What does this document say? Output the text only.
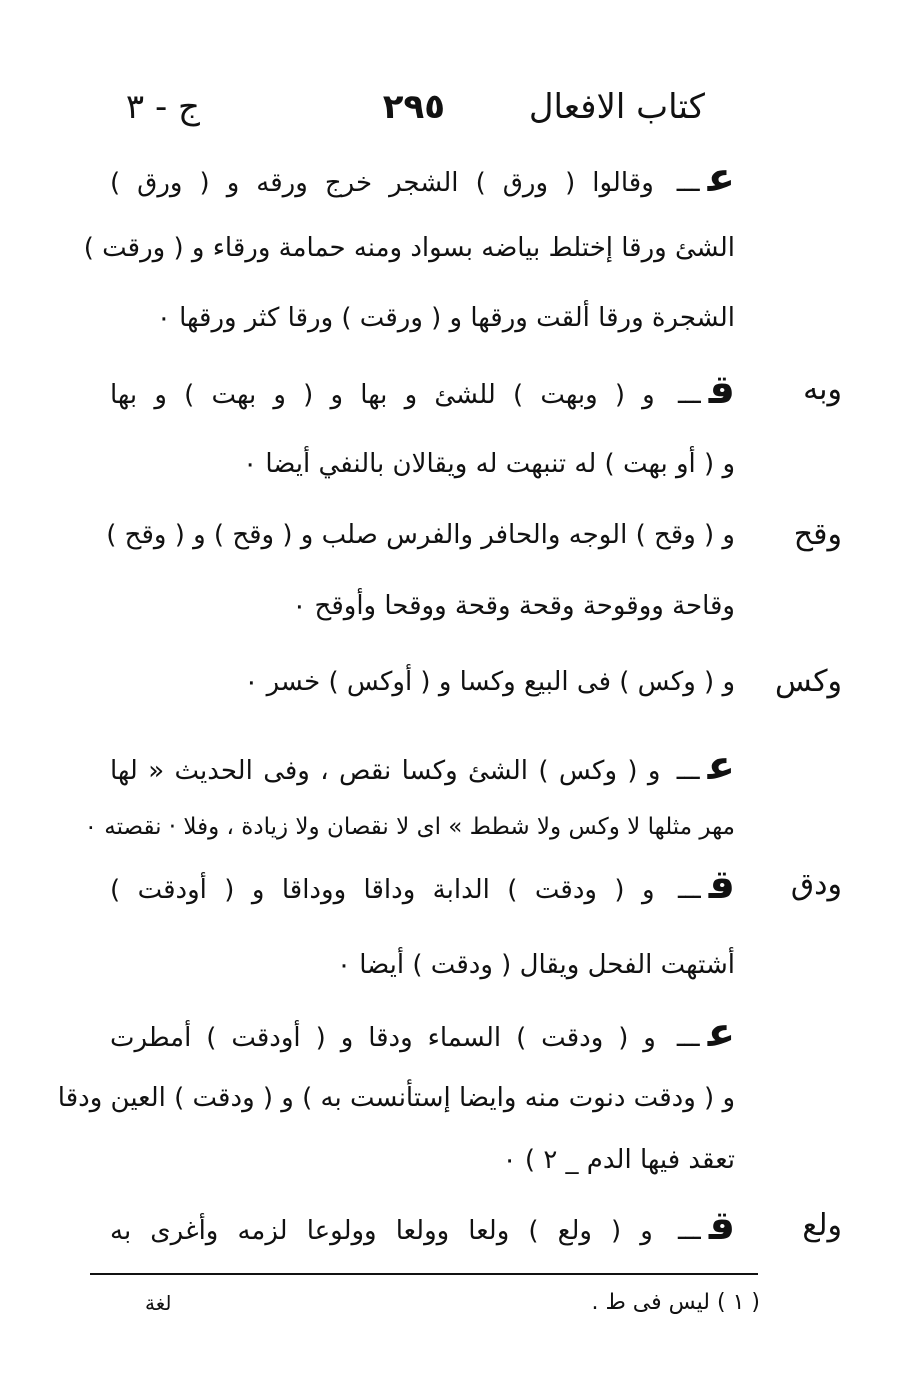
كتاب الافعال
٢٩٥
ج - ٣
وبه
وقح
وكس
ودق
ولع
عـــ وقالوا ( ورق ) الشجر خرج ورقه و ( ورق )
الشئ ورقا إختلط بياضه بسواد ومنه حمامة ورقاء و ( ورقت )
الشجرة ورقا ألقت ورقها و ( ورقت ) ورقا كثر ورقها ٠
قـــ و ( وبهت ) للشئ و بها و ( و بهت ) و بها
و ( أو بهت ) له تنبهت له ويقالان بالنفي أيضا ٠
و ( وقح ) الوجه والحافر والفرس صلب و ( وقح ) و ( وقح )
وقاحة ووقوحة وقحة وقحة ووقحا وأوقح ٠
و ( وكس ) فى البيع وكسا و ( أوكس ) خسر ٠
عـــ و ( وكس ) الشئ وكسا نقص ، وفى الحديث « لها
مهر مثلها لا وكس ولا شطط » اى لا نقصان ولا زيادة ، وفلا · نقصته ٠
قـــ و ( ودقت ) الدابة وداقا ووداقا و ( أودقت )
أشتهت الفحل ويقال ( ودقت ) أيضا ٠
عـــ و ( ودقت ) السماء ودقا و ( أودقت ) أمطرت
و ( ودقت دنوت منه وايضا إستأنست به ) و ( ودقت ) العين ودقا
تعقد فيها الدم _ ٢ ) ٠
قـــ و ( ولع ) ولعا وولعا وولوعا لزمه وأغرى به
( ١ ) ليس فى ط .
لغة
